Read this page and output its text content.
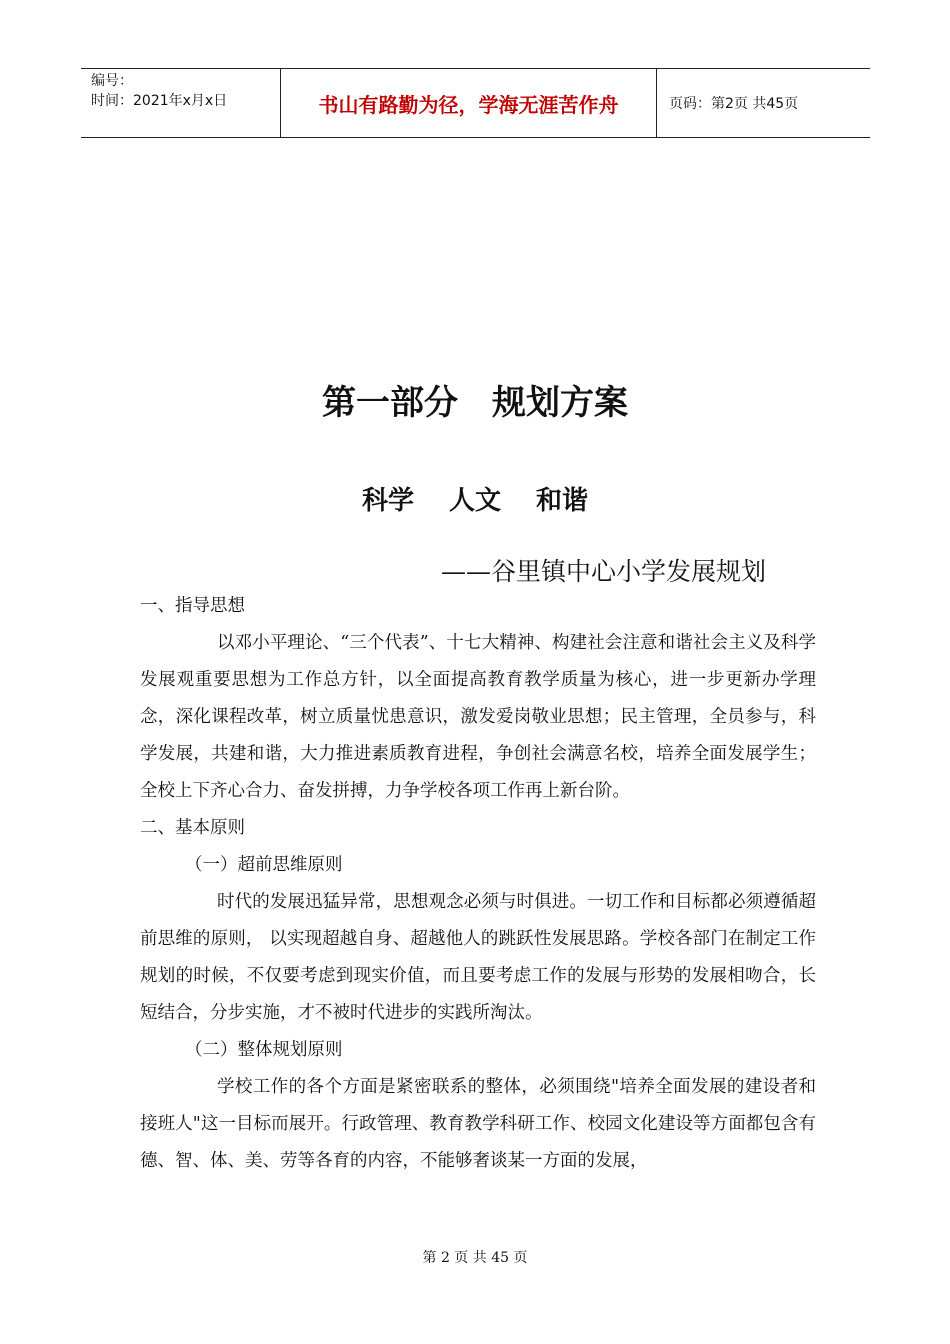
编号：
时间：2021年x月x日	书山有路勤为径，学海无涯苦作舟	页码：第2页 共45页
第一部分　规划方案
科学　 人文　 和谐
——谷里镇中心小学发展规划

一、指导思想

以邓小平理论、“三个代表”、十七大精神、构建社会注意和谐社会主义及科学发展观重要思想为工作总方针，以全面提高教育教学质量为核心，进一步更新办学理念，深化课程改革，树立质量忧患意识，激发爱岗敬业思想；民主管理，全员参与，科学发展，共建和谐，大力推进素质教育进程，争创社会满意名校，培养全面发展学生；全校上下齐心合力、奋发拼搏，力争学校各项工作再上新台阶。

二、基本原则

（一）超前思维原则

时代的发展迅猛异常，思想观念必须与时俱进。一切工作和目标都必须遵循超前思维的原则， 以实现超越自身、超越他人的跳跃性发展思路。学校各部门在制定工作规划的时候，不仅要考虑到现实价值，而且要考虑工作的发展与形势的发展相吻合，长短结合，分步实施，才不被时代进步的实践所淘汰。

（二）整体规划原则

学校工作的各个方面是紧密联系的整体，必须围绕"培养全面发展的建设者和接班人"这一目标而展开。行政管理、教育教学科研工作、校园文化建设等方面都包含有德、智、体、美、劳等各育的内容，不能够奢谈某一方面的发展，

第 2 页 共 45 页
